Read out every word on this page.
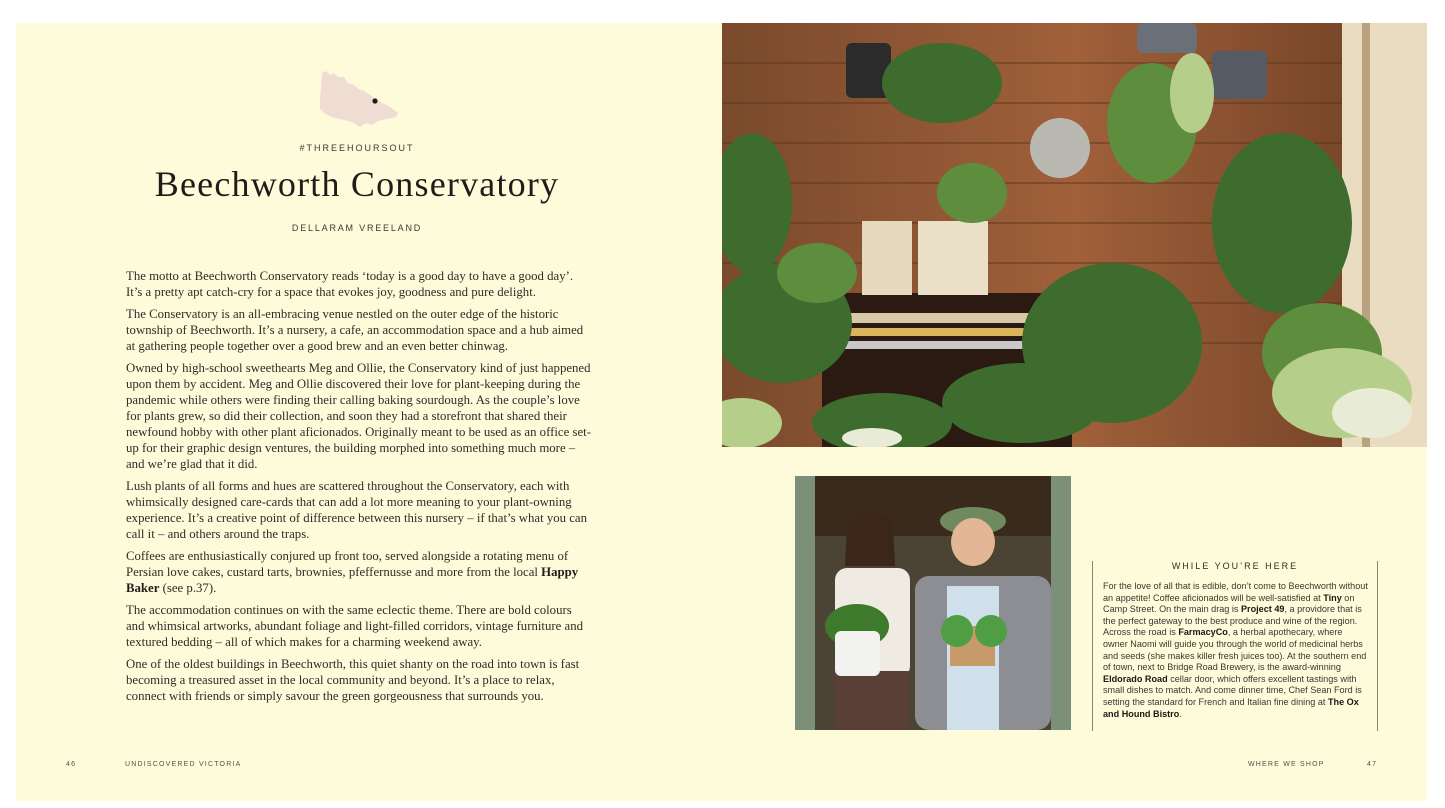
#THREEHOURSOUT
Beechworth Conservatory
DELLARAM VREELAND

The motto at Beechworth Conservatory reads ‘today is a good day to have a good day’. It’s a pretty apt catch-cry for a space that evokes joy, goodness and pure delight.

The Conservatory is an all-embracing venue nestled on the outer edge of the historic township of Beechworth. It’s a nursery, a cafe, an accommodation space and a hub aimed at gathering people together over a good brew and an even better chinwag.

Owned by high-school sweethearts Meg and Ollie, the Conservatory kind of just happened upon them by accident. Meg and Ollie discovered their love for plant-keeping during the pandemic while others were finding their calling baking sourdough. As the couple’s love for plants grew, so did their collection, and soon they had a storefront that shared their newfound hobby with other plant aficionados. Originally meant to be used as an office set-up for their graphic design ventures, the building morphed into something much more – and we’re glad that it did.

Lush plants of all forms and hues are scattered throughout the Conservatory, each with whimsically designed care-cards that can add a lot more meaning to your plant-owning experience. It’s a creative point of difference between this nursery – if that’s what you can call it – and others around the traps.

Coffees are enthusiastically conjured up front too, served alongside a rotating menu of Persian love cakes, custard tarts, brownies, pfeffernusse and more from the local Happy Baker (see p.37).

The accommodation continues on with the same eclectic theme. There are bold colours and whimsical artworks, abundant foliage and light-filled corridors, vintage furniture and textured bedding – all of which makes for a charming weekend away.

One of the oldest buildings in Beechworth, this quiet shanty on the road into town is fast becoming a treasured asset in the local community and beyond. It’s a place to relax, connect with friends or simply savour the green gorgeousness that surrounds you.

46	UNDISCOVERED VICTORIA
WHILE YOU’RE HERE
For the love of all that is edible, don’t come to Beechworth without an appetite! Coffee aficionados will be well-satisfied at Tiny on Camp Street. On the main drag is Project 49, a providore that is the perfect gateway to the best produce and wine of the region. Across the road is FarmacyCo, a herbal apothecary, where owner Naomi will guide you through the world of medicinal herbs and seeds (she makes killer fresh juices too). At the southern end of town, next to Bridge Road Brewery, is the award-winning Eldorado Road cellar door, which offers excellent tastings with small dishes to match. And come dinner time, Chef Sean Ford is setting the standard for French and Italian fine dining at The Ox and Hound Bistro.
WHERE WE SHOP	47
